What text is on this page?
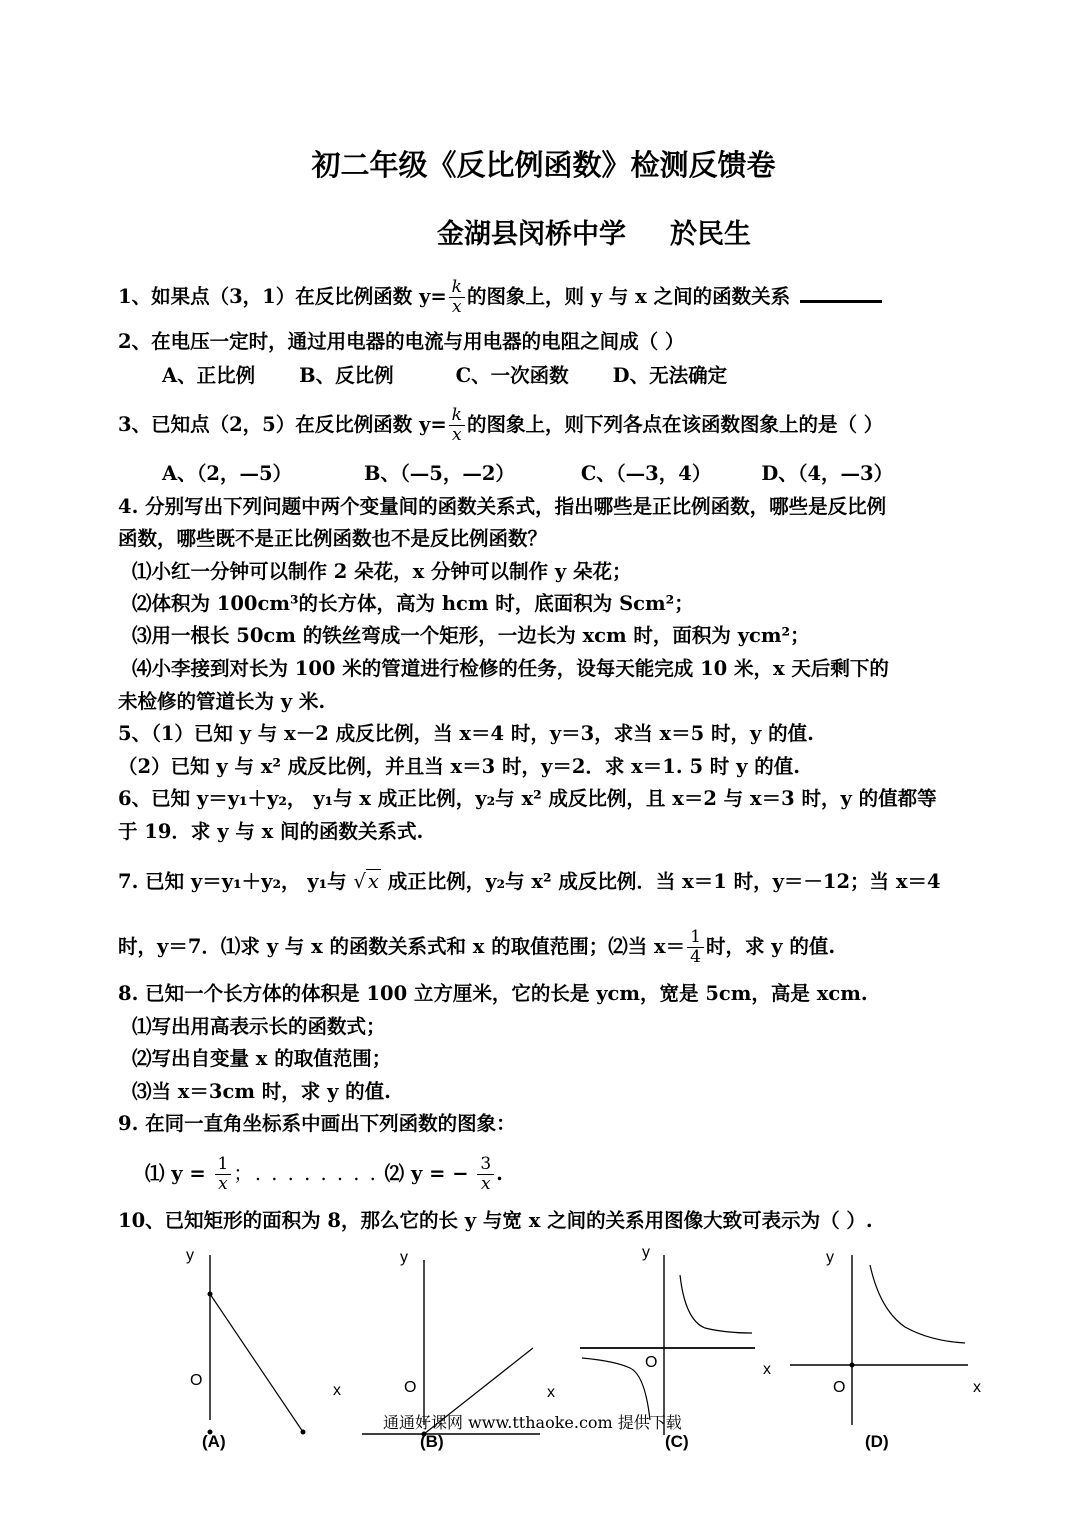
初二年级《反比例函数》检测反馈卷
金湖县闵桥中学 於民生
1、如果点（3，1）在反比例函数 $y= \frac{k}{x}$ 的图象上，则 y 与 x 之间的函数关系
2、在电压一定时，通过用电器的电流与用电器的电阻之间成（ ）
A、正比例 B、反比例	C、一次函数 D、无法确定
3、已知点（2，5）在反比例函数 $y= \frac{k}{x}$ 的图象上，则下列各点在该函数图象上的是（ ）
A、（2，—5）	B、（—5，—2）	C、（—3，4）	D、（4，—3）
4. 分别写出下列问题中两个变量间的函数关系式，指出哪些是正比例函数，哪些是反比例
函数，哪些既不是正比例函数也不是反比例函数？
⑴小红一分钟可以制作 2 朵花，x 分钟可以制作 y 朵花；
⑵体积为 100cm³的长方体，高为 hcm 时，底面积为 Scm²；
⑶用一根长 50cm 的铁丝弯成一个矩形，一边长为 xcm 时，面积为 ycm²；
⑷小李接到对长为 100 米的管道进行检修的任务，设每天能完成 10 米，x 天后剩下的
未检修的管道长为 y 米.
5、（1）已知 y 与 x－2 成反比例，当 x＝4 时，y＝3，求当 x＝5 时，y 的值.
（2）已知 y 与 x² 成反比例，并且当 x＝3 时，y＝2．求 x＝1. 5 时 y 的值.
6、已知 y＝y₁＋y₂， y₁与 x 成正比例，y₂与 x² 成反比例，且 x＝2 与 x＝3 时，y 的值都等
于 19．求 y 与 x 间的函数关系式.
7. 已知 y＝y₁＋y₂， y₁与 √ x 成正比例，y₂与 x² 成反比例．当 x＝1 时，y＝－12；当 x＝4
时，y＝7．⑴求 y 与 x 的函数关系式和 x 的取值范围；⑵当 $x= \frac{1}{4}$ 时，求 y 的值.
8. 已知一个长方体的体积是 100 立方厘米，它的长是 ycm，宽是 5cm，高是 xcm.
⑴写出用高表示长的函数式；
⑵写出自变量 x 的取值范围；
⑶当 x＝3cm 时，求 y 的值.
9. 在同一直角坐标系中画出下列函数的图象：
⑴ $y = \frac{1}{x}$ ；. . . . . . . . ⑵ y = − $\frac{3}{x}$ .
10、已知矩形的面积为 8，那么它的长 y 与宽 x 之间的关系用图像大致可表示为（ ）.
y
x
O
y
x
O
y
x
O
y
x
O
(A)	(B)	(C)	(D)
通通好课网 www.tthaoke.com 提供下载
